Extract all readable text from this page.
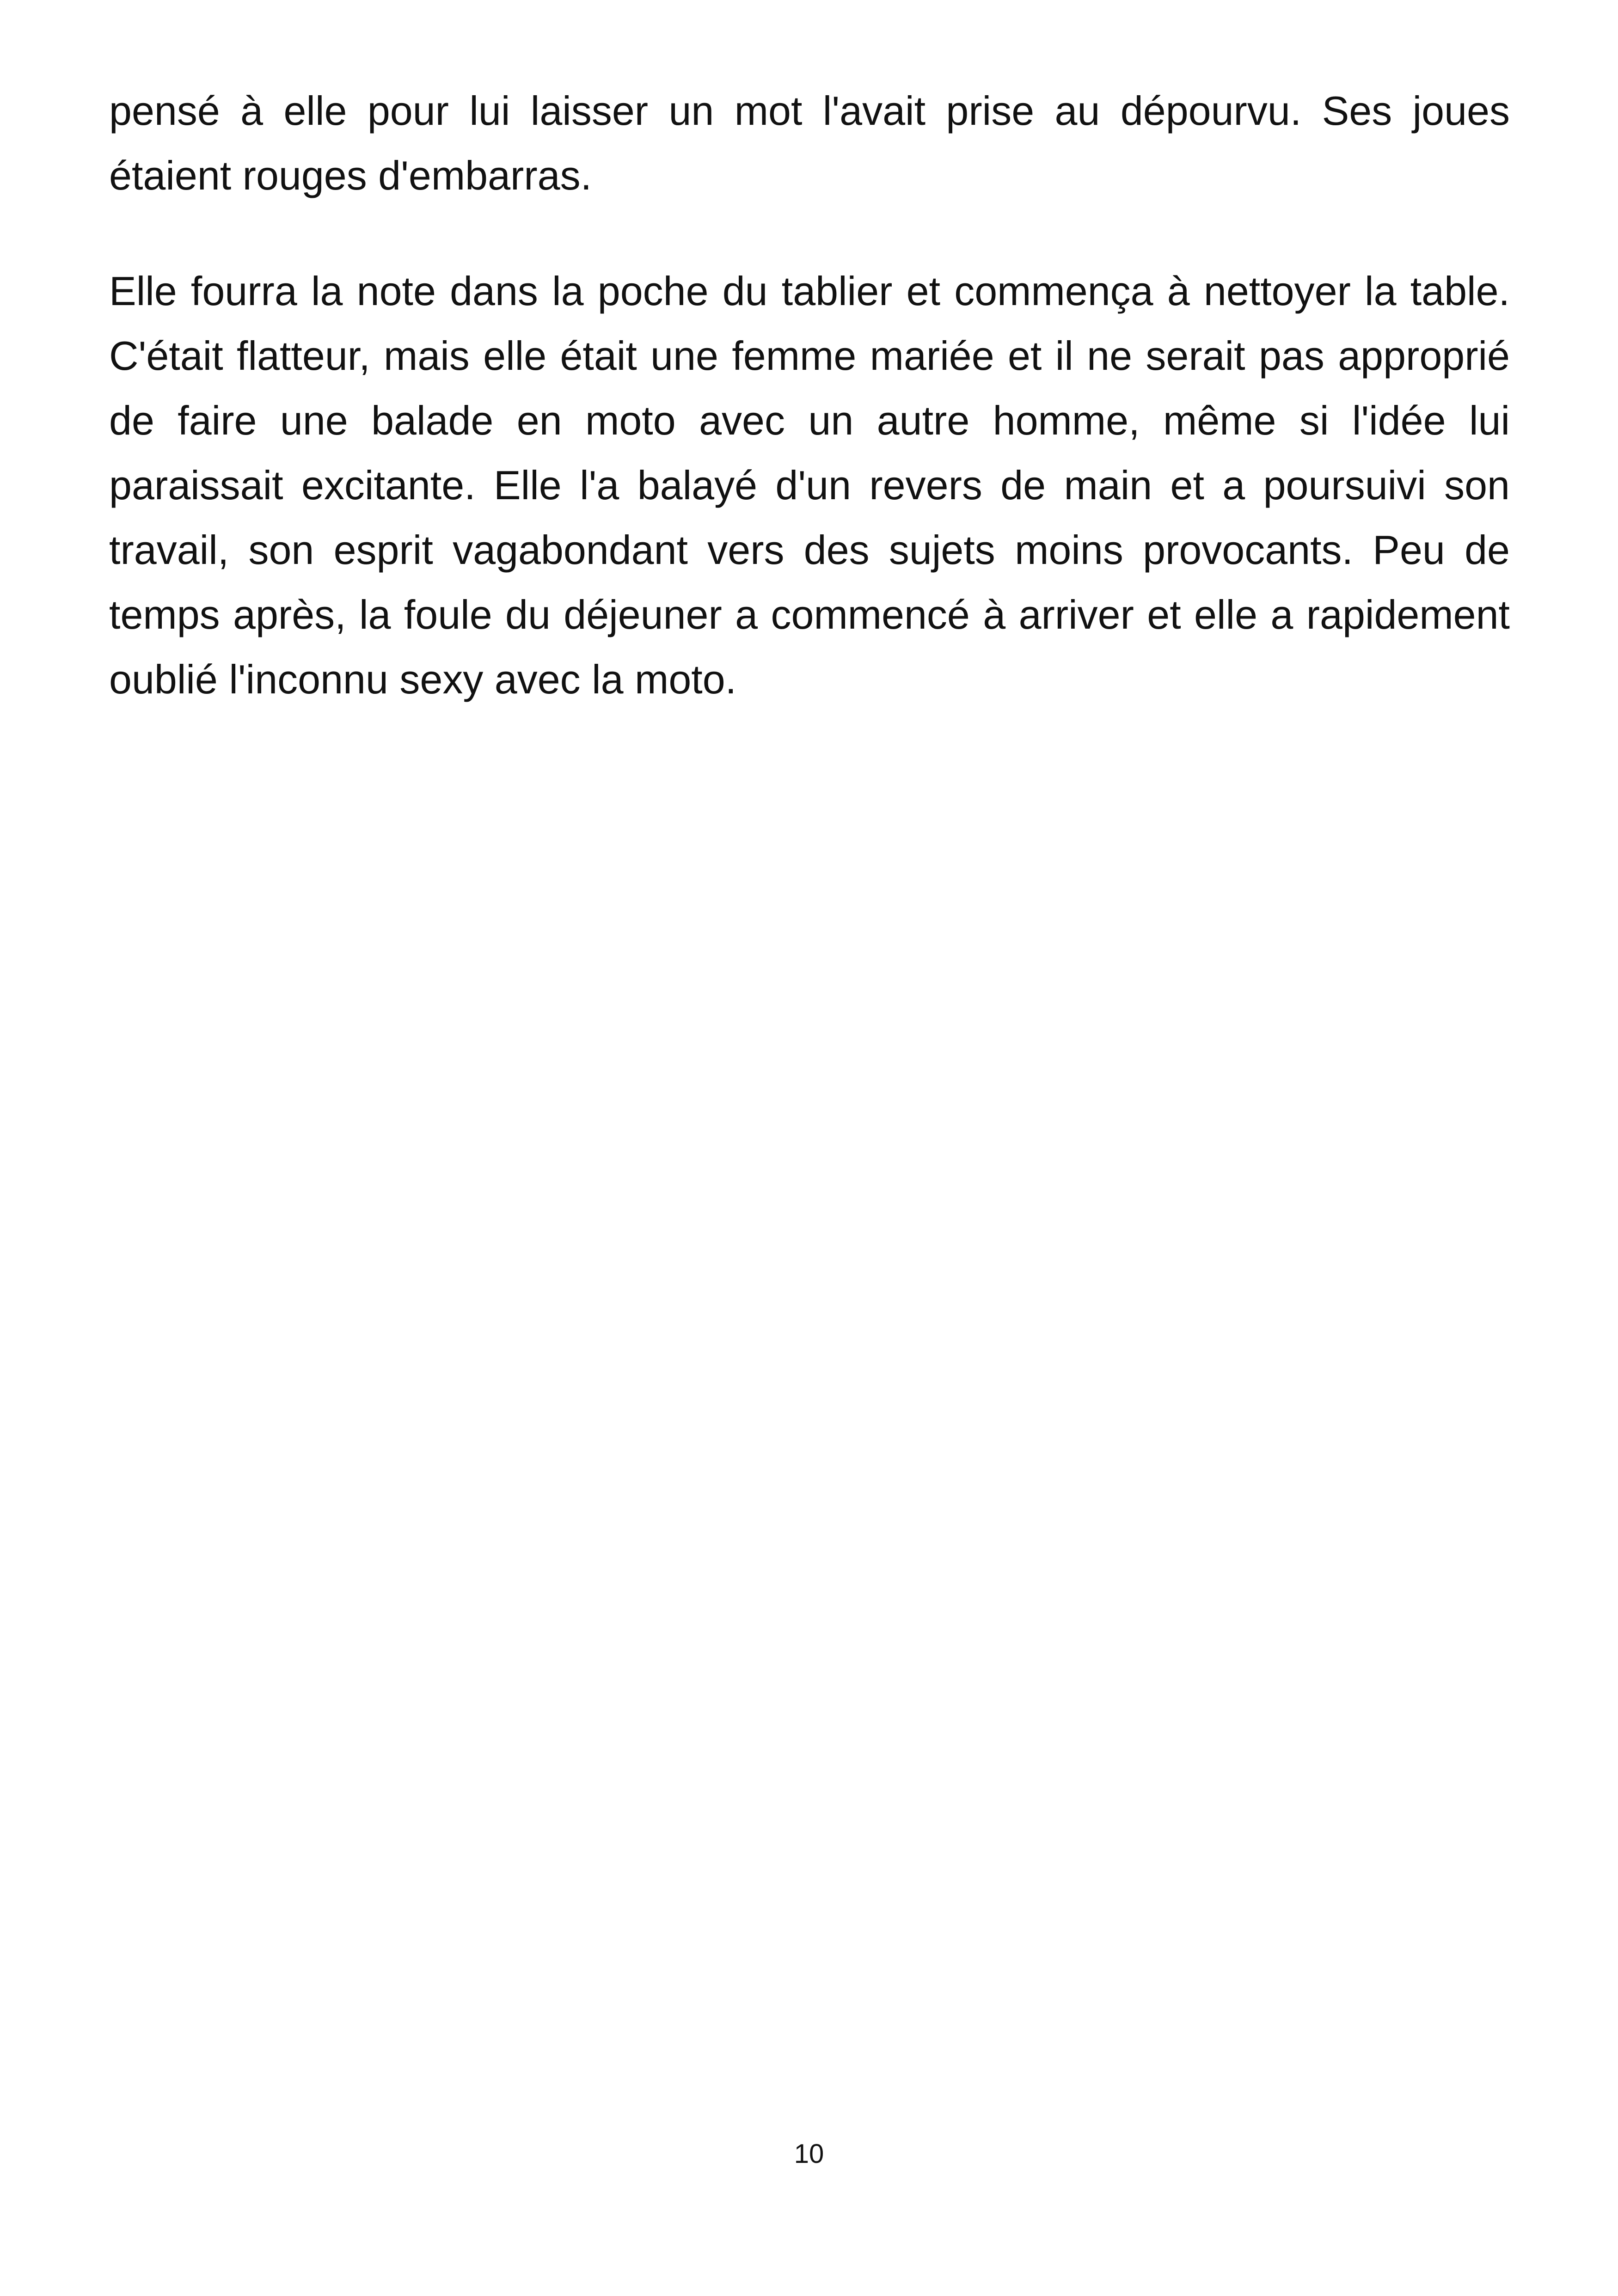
pensé à elle pour lui laisser un mot l'avait prise au dépourvu. Ses joues étaient rouges d'embarras.

Elle fourra la note dans la poche du tablier et commença à nettoyer la table. C'était flatteur, mais elle était une femme mariée et il ne serait pas approprié de faire une balade en moto avec un autre homme, même si l'idée lui paraissait excitante. Elle l'a balayé d'un revers de main et a poursuivi son travail, son esprit vagabondant vers des sujets moins provocants. Peu de temps après, la foule du déjeuner a commencé à arriver et elle a rapidement oublié l'inconnu sexy avec la moto.

10
